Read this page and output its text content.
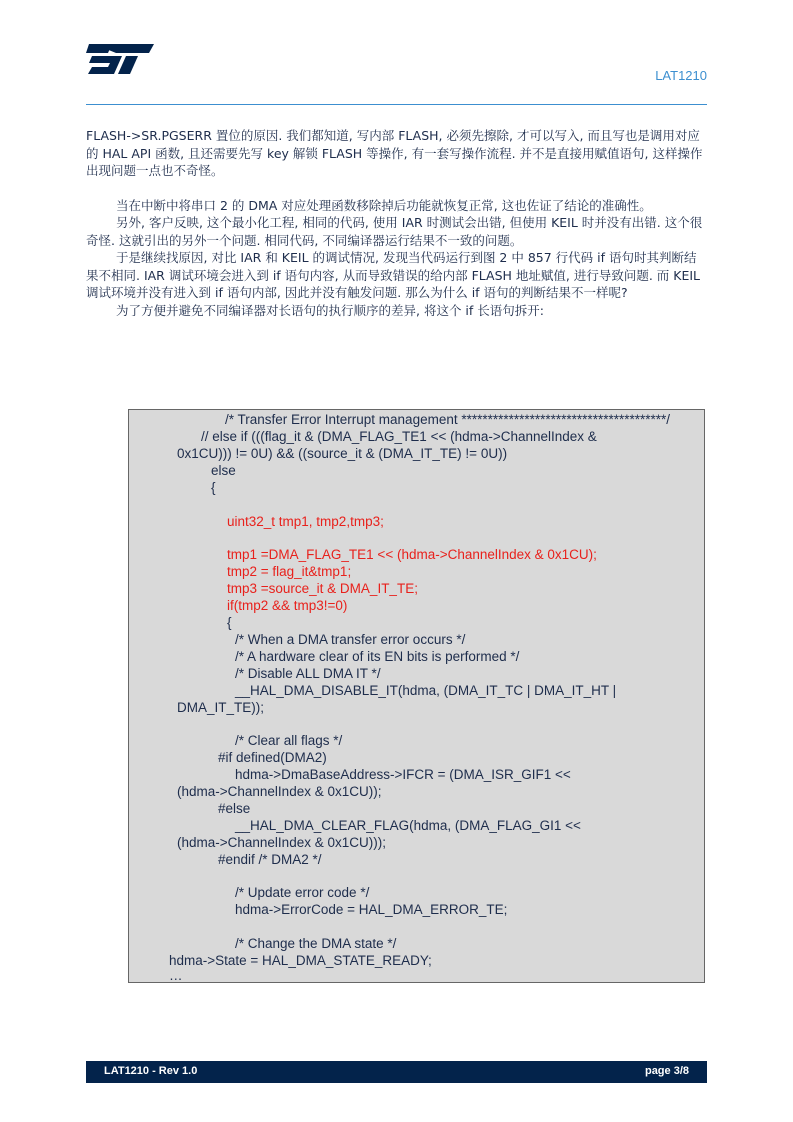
LAT1210

FLASH->SR.PGSERR 置位的原因. 我们都知道, 写内部 FLASH, 必须先擦除, 才可以写入, 而且写也是调用对应的 HAL API 函数, 且还需要先写 key 解锁 FLASH 等操作, 有一套写操作流程. 并不是直接用赋值语句, 这样操作出现问题一点也不奇怪。

当在中断中将串口 2 的 DMA 对应处理函数移除掉后功能就恢复正常, 这也佐证了结论的准确性。

另外, 客户反映, 这个最小化工程, 相同的代码, 使用 IAR 时测试会出错, 但使用 KEIL 时并没有出错. 这个很奇怪. 这就引出的另外一个问题. 相同代码, 不同编译器运行结果不一致的问题。

于是继续找原因, 对比 IAR 和 KEIL 的调试情况, 发现当代码运行到图 2 中 857 行代码 if 语句时其判断结果不相同. IAR 调试环境会进入到 if 语句内容, 从而导致错误的给内部 FLASH 地址赋值, 进行导致问题. 而 KEIL 调试环境并没有进入到 if 语句内部, 因此并没有触发问题. 那么为什么 if 语句的判断结果不一样呢?

为了方便并避免不同编译器对长语句的执行顺序的差异, 将这个 if 长语句拆开:

/* Transfer Error Interrupt management ***************************************/
// else if (((flag_it & (DMA_FLAG_TE1 << (hdma->ChannelIndex &
0x1CU))) != 0U) && ((source_it & (DMA_IT_TE) != 0U))
else
{
uint32_t tmp1, tmp2,tmp3;
tmp1 =DMA_FLAG_TE1 << (hdma->ChannelIndex & 0x1CU);
tmp2 = flag_it&tmp1;
tmp3 =source_it & DMA_IT_TE;
if(tmp2 && tmp3!=0)
{
/* When a DMA transfer error occurs */
/* A hardware clear of its EN bits is performed */
/* Disable ALL DMA IT */
__HAL_DMA_DISABLE_IT(hdma, (DMA_IT_TC | DMA_IT_HT |
DMA_IT_TE));
/* Clear all flags */
#if defined(DMA2)
hdma->DmaBaseAddress->IFCR = (DMA_ISR_GIF1 <<
(hdma->ChannelIndex & 0x1CU));
#else
__HAL_DMA_CLEAR_FLAG(hdma, (DMA_FLAG_GI1 <<
(hdma->ChannelIndex & 0x1CU)));
#endif /* DMA2 */
/* Update error code */
hdma->ErrorCode = HAL_DMA_ERROR_TE;
/* Change the DMA state */
hdma->State = HAL_DMA_STATE_READY;
…
LAT1210 - Rev 1.0	page 3/8
